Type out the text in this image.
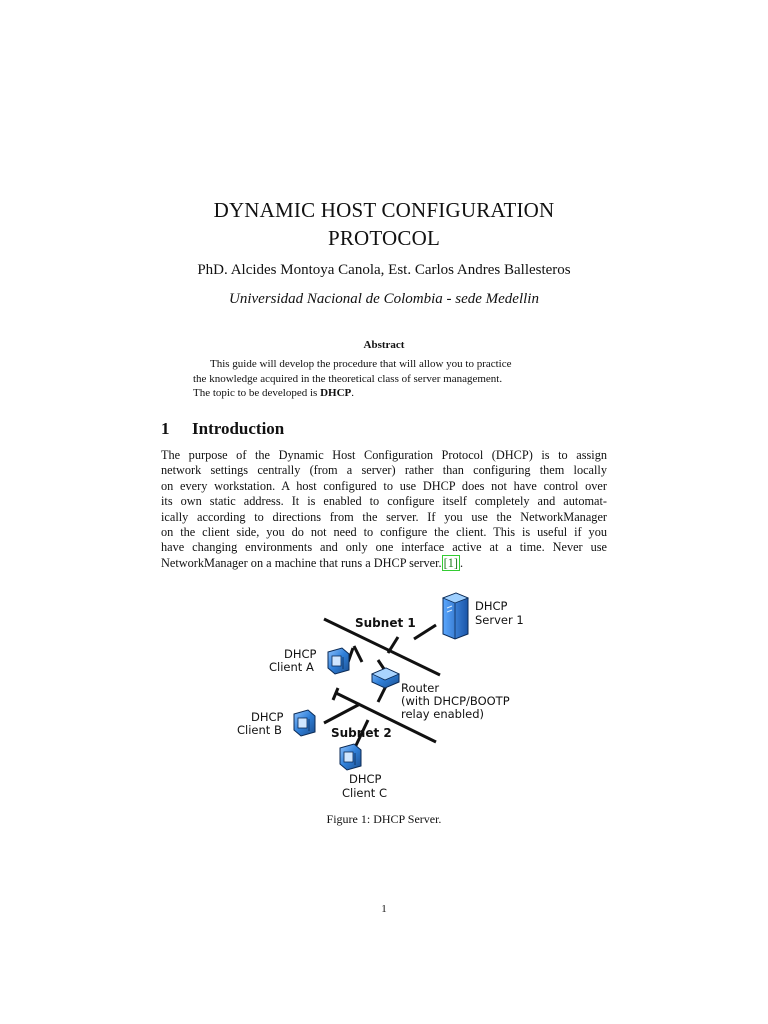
DYNAMIC HOST CONFIGURATION
PROTOCOL
PhD. Alcides Montoya Canola, Est. Carlos Andres Ballesteros
Universidad Nacional de Colombia - sede Medellin
Abstract

This guide will develop the procedure that will allow you to practice

the knowledge acquired in the theoretical class of server management.
The topic to be developed is DHCP.
1 Introduction
The purpose of the Dynamic Host Configuration Protocol (DHCP) is to assign
network settings centrally (from a server) rather than configuring them locally
on every workstation. A host configured to use DHCP does not have control over
its own static address. It is enabled to configure itself completely and automat-
ically according to directions from the server. If you use the NetworkManager
on the client side, you do not need to configure the client. This is useful if you
have changing environments and only one interface active at a time. Never use
NetworkManager on a machine that runs a DHCP server. [1] .
DHCP
Server 1
Subnet 1
Subnet 2
DHCP
Client A
Router
(with DHCP/BOOTP
relay enabled)
DHCP
Client B
DHCP
Client C
Figure 1: DHCP Server.
1
